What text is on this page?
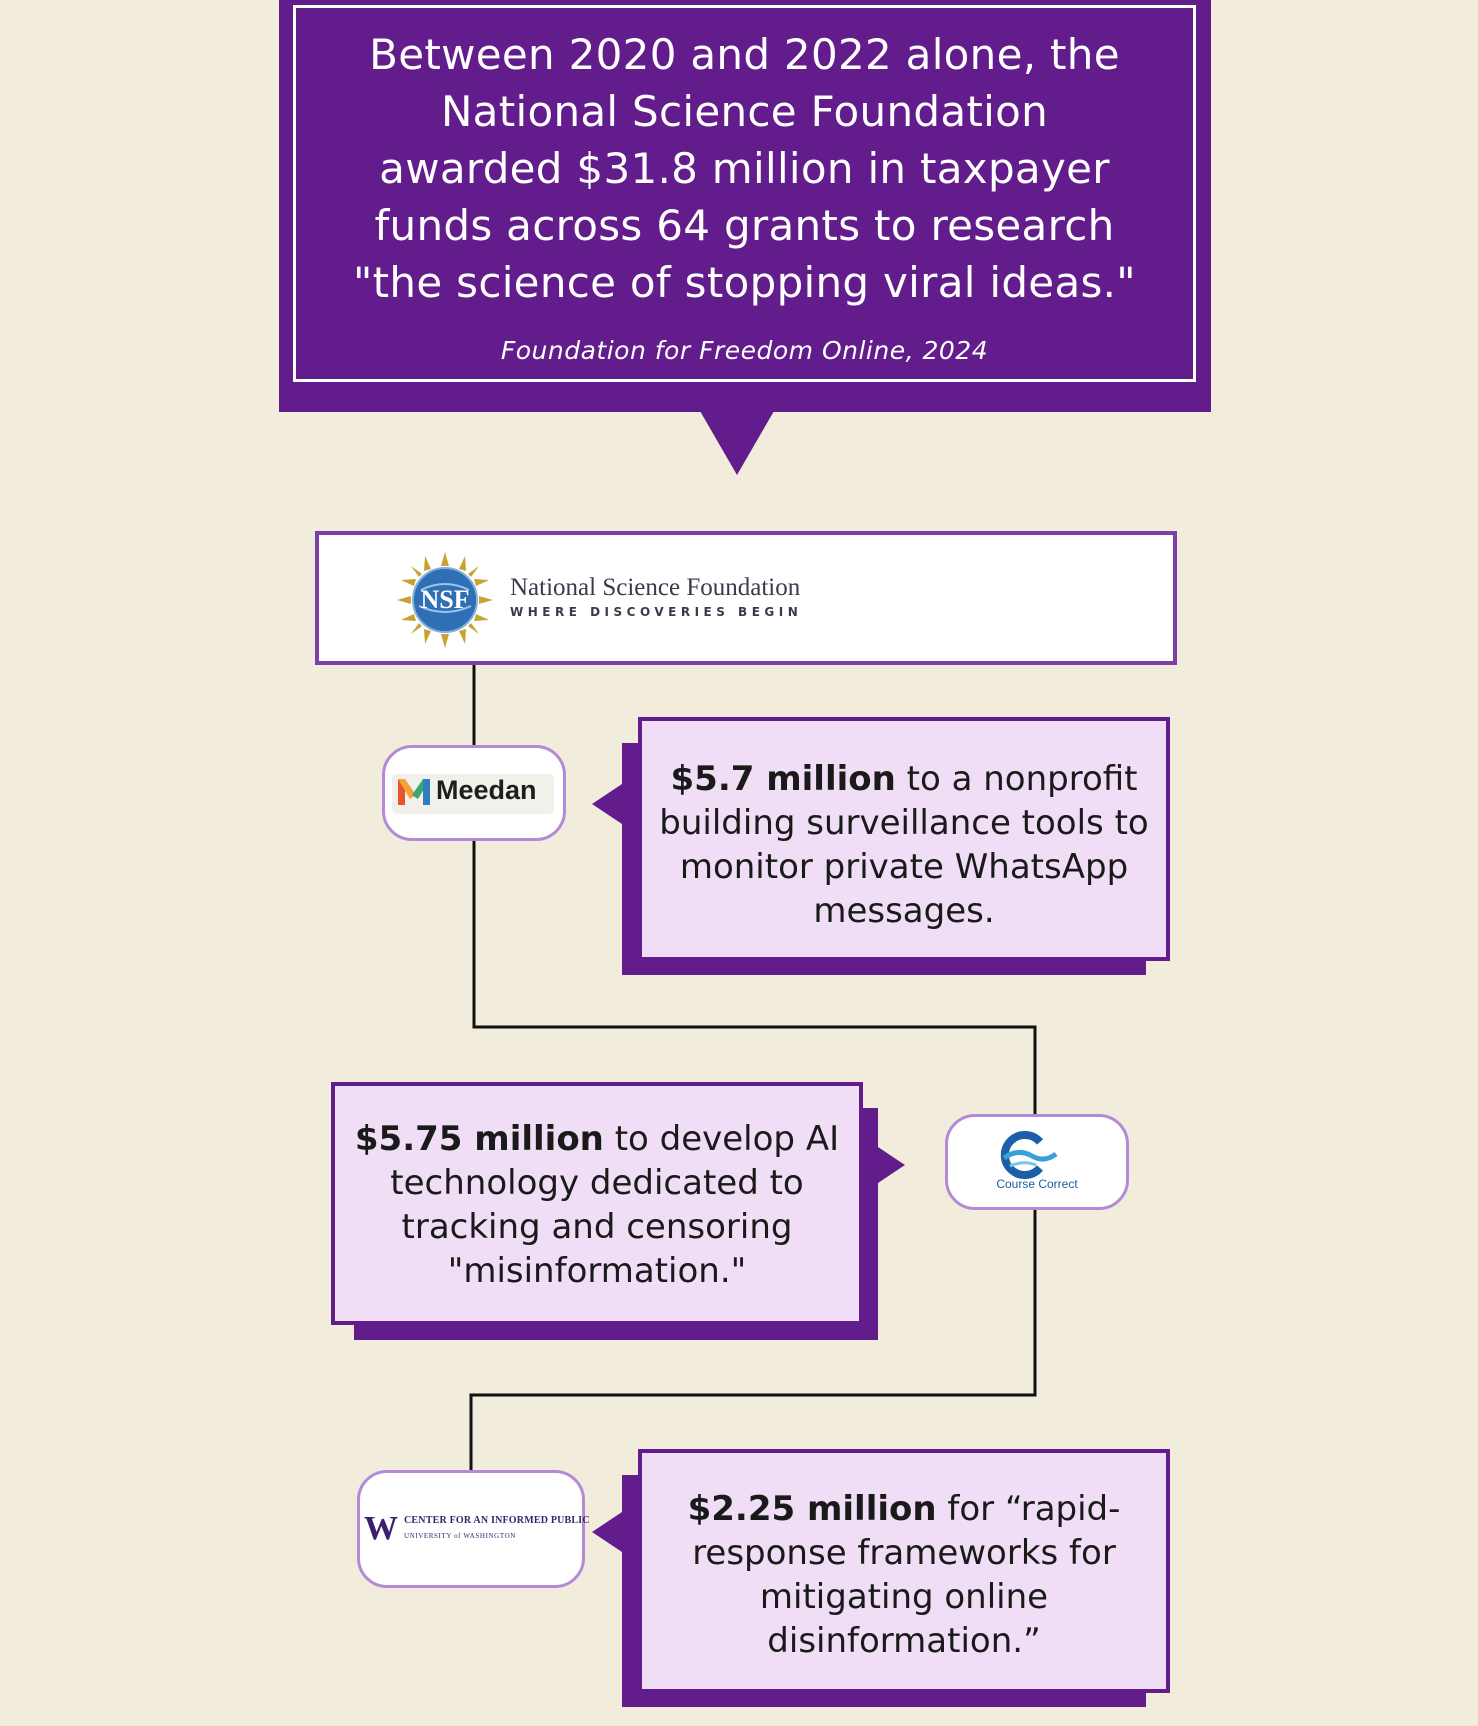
Between 2020 and 2022 alone, the
National Science Foundation
awarded $31.8 million in taxpayer
funds across 64 grants to research
"the science of stopping viral ideas."
Foundation for Freedom Online, 2024
NSF National Science Foundation
WHERE DISCOVERIES BEGIN
Meedan	$5.7 million to a nonprofit building surveillance tools to monitor private WhatsApp messages.
Course Correct
$5.75 million to develop AI technology dedicated to tracking and censoring "misinformation."
W CENTER FOR AN INFORMED PUBLIC
UNIVERSITY of WASHINGTON
$2.25 million for “rapid-response frameworks for mitigating online disinformation.”
